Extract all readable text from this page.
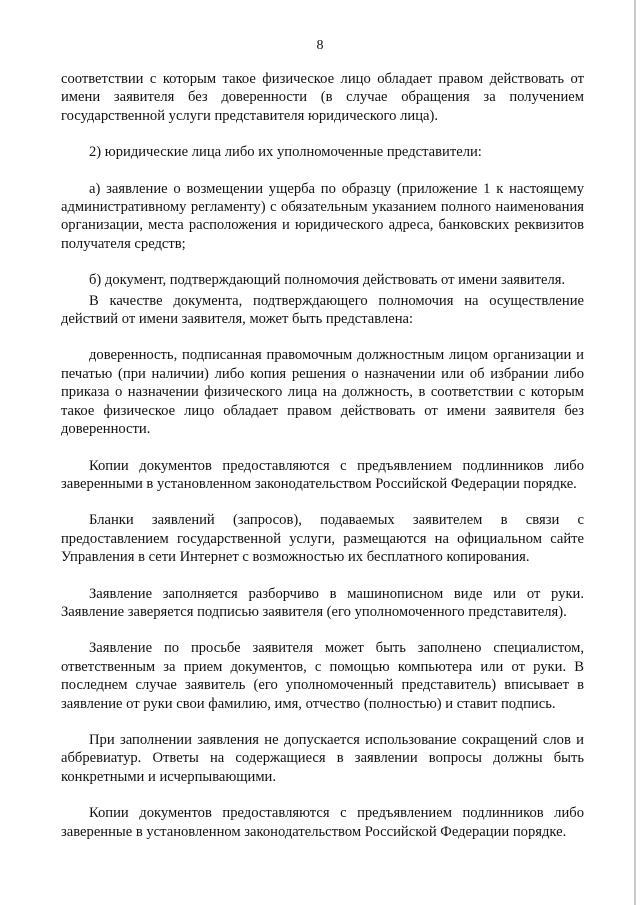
8

соответствии с которым такое физическое лицо обладает правом действовать от имени заявителя без доверенности (в случае обращения за получением государственной услуги представителя юридического лица).

2) юридические лица либо их уполномоченные представители:

а) заявление о возмещении ущерба по образцу (приложение 1 к настоящему административному регламенту) с обязательным указанием полного наименования организации, места расположения и юридического адреса, банковских реквизитов получателя средств;

б) документ, подтверждающий полномочия действовать от имени заявителя.

В качестве документа, подтверждающего полномочия на осуществление действий от имени заявителя, может быть представлена:

доверенность, подписанная правомочным должностным лицом организации и печатью (при наличии) либо копия решения о назначении или об избрании либо приказа о назначении физического лица на должность, в соответствии с которым такое физическое лицо обладает правом действовать от имени заявителя без доверенности.

Копии документов предоставляются с предъявлением подлинников либо заверенными в установленном законодательством Российской Федерации порядке.

Бланки заявлений (запросов), подаваемых заявителем в связи с предоставлением государственной услуги, размещаются на официальном сайте Управления в сети Интернет с возможностью их бесплатного копирования.

Заявление заполняется разборчиво в машинописном виде или от руки. Заявление заверяется подписью заявителя (его уполномоченного представителя).

Заявление по просьбе заявителя может быть заполнено специалистом, ответственным за прием документов, с помощью компьютера или от руки. В последнем случае заявитель (его уполномоченный представитель) вписывает в заявление от руки свои фамилию, имя, отчество (полностью) и ставит подпись.

При заполнении заявления не допускается использование сокращений слов и аббревиатур. Ответы на содержащиеся в заявлении вопросы должны быть конкретными и исчерпывающими.

Копии документов предоставляются с предъявлением подлинников либо заверенные в установленном законодательством Российской Федерации порядке.
